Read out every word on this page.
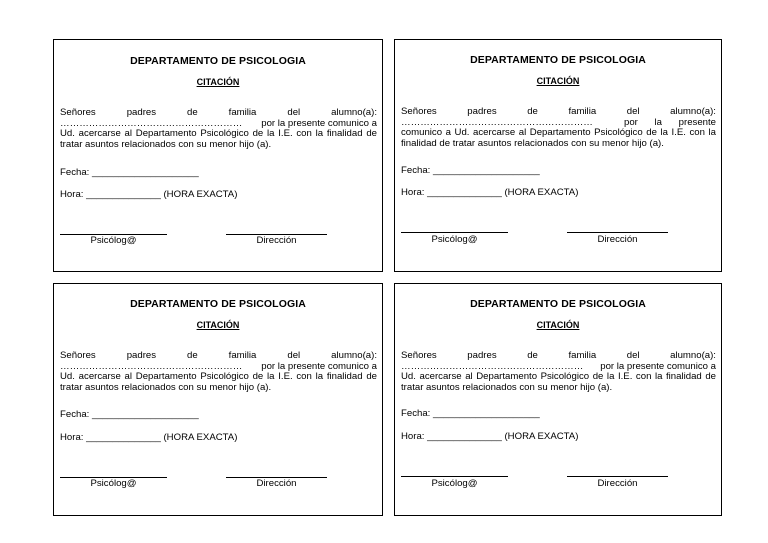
DEPARTAMENTO DE PSICOLOGIA
CITACIÓN
Señores	padres	de	familia	del	alumno(a):
………………………………………………… por la presente comunico a
Ud. acercarse al Departamento Psicológico de la I.E. con la finalidad de tratar asuntos relacionados con su menor hijo (a).
Fecha: ____________________
Hora: ______________ (HORA EXACTA)
Psicólog@	Dirección
DEPARTAMENTO DE PSICOLOGIA
CITACIÓN
Señores	padres	de	familia	del	alumno(a):
……………………………………………………	por la presente
comunico a Ud. acercarse al Departamento Psicológico de la I.E. con la finalidad de tratar asuntos relacionados con su menor hijo (a).
Fecha: ____________________
Hora: ______________ (HORA EXACTA)
Psicólog@	Dirección
DEPARTAMENTO DE PSICOLOGIA
CITACIÓN
Señores	padres	de	familia	del	alumno(a):
………………………………………………… por la presente comunico a
Ud. acercarse al Departamento Psicológico de la I.E. con la finalidad de tratar asuntos relacionados con su menor hijo (a).
Fecha: ____________________
Hora: ______________ (HORA EXACTA)
Psicólog@	Dirección
DEPARTAMENTO DE PSICOLOGIA
CITACIÓN
Señores	padres	de	familia	del	alumno(a):
………………………………………………… por la presente comunico a
Ud. acercarse al Departamento Psicológico de la I.E. con la finalidad de tratar asuntos relacionados con su menor hijo (a).
Fecha: ____________________
Hora: ______________ (HORA EXACTA)
Psicólog@	Dirección
